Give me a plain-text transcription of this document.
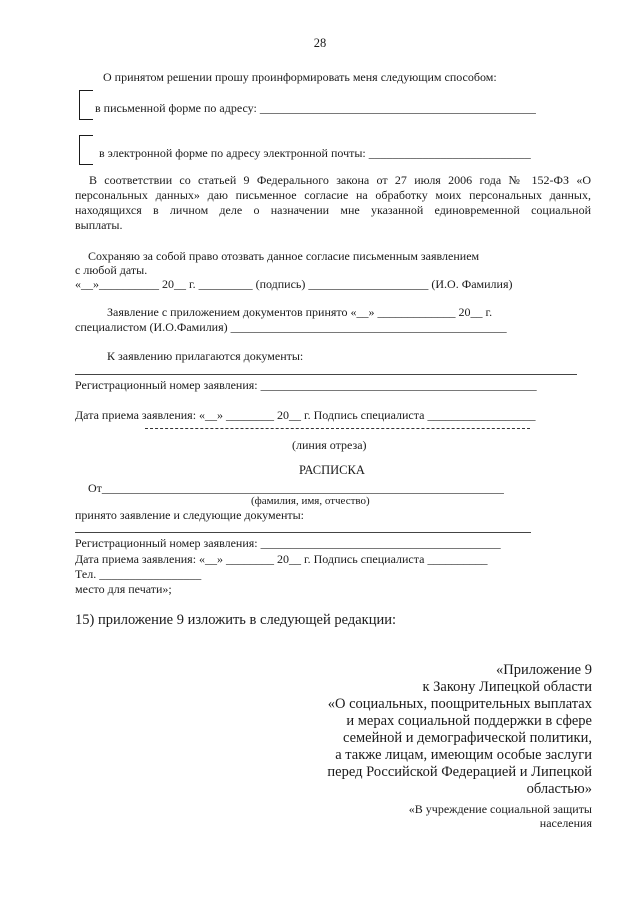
28
О принятом решении прошу проинформировать меня следующим способом:
в письменной форме по адресу: ______________________________________________
в электронной форме по адресу электронной почты: ___________________________
В соответствии со статьей 9 Федерального закона от 27 июля 2006 года № 152-ФЗ «О
персональных данных» даю письменное согласие на обработку моих персональных данных,
находящихся в личном деле о назначении мне указанной единовременной социальной
выплаты.
Сохраняю за собой право отозвать данное согласие письменным заявлением
с любой даты.
«__»__________ 20__ г. _________ (подпись) ____________________ (И.О. Фамилия)
Заявление с приложением документов принято «__» _____________ 20__ г.
специалистом (И.О.Фамилия) ______________________________________________
К заявлению прилагаются документы:
Регистрационный номер заявления: ______________________________________________
Дата приема заявления: «__» ________ 20__ г. Подпись специалиста __________________
(линия отреза)
РАСПИСКА
От___________________________________________________________________
(фамилия, имя, отчество)
принято заявление и следующие документы:
Регистрационный номер заявления: ________________________________________
Дата приема заявления: «__» ________ 20__ г. Подпись специалиста __________
Тел. _________________
место для печати»;
15) приложение 9 изложить в следующей редакции:
«Приложение 9
к Закону Липецкой области
«О социальных, поощрительных выплатах
и мерах социальной поддержки в сфере
семейной и демографической политики,
а также лицам, имеющим особые заслуги
перед Российской Федерацией и Липецкой
областью»
«В учреждение социальной защиты
населения
